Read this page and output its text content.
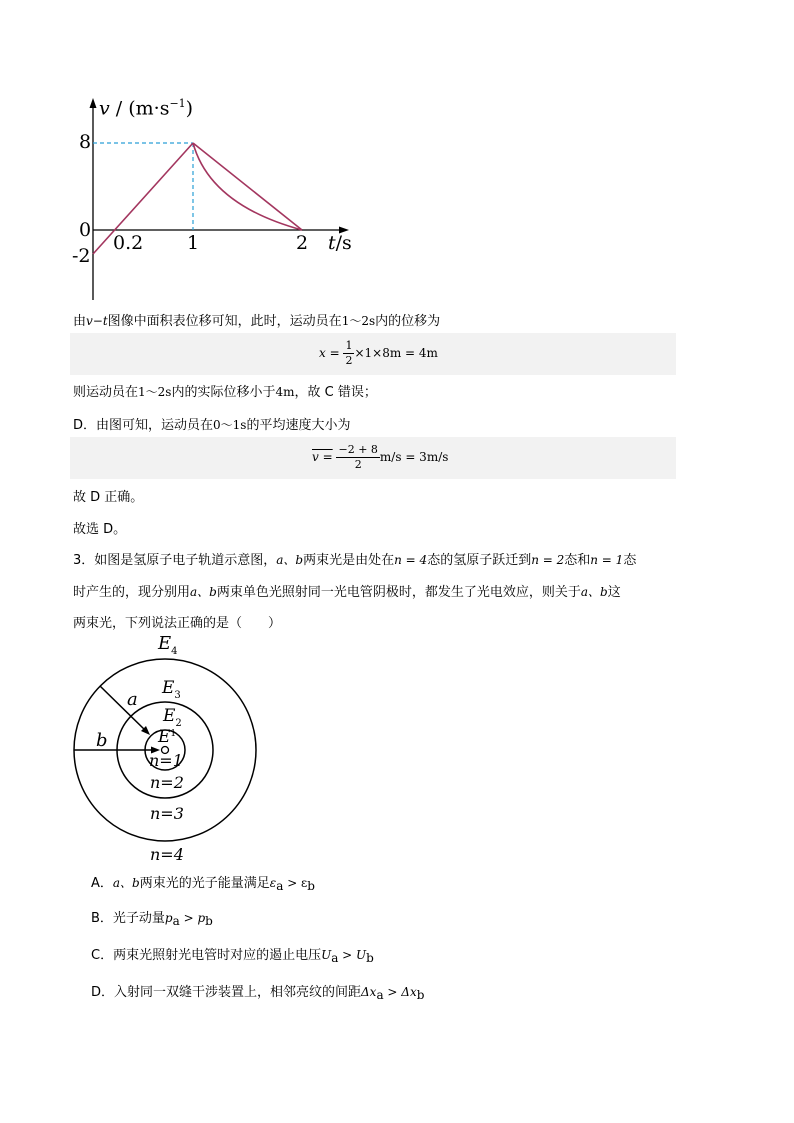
$v / (m\cdot s^{-1})$
8
0
-2
0.2 1	2 t/s
由v−t图像中面积表位移可知，此时，运动员在1～2s内的位移为
$x = \frac{1}{2} \times 1\times 8m = 4m$
则运动员在1～2s内的实际位移小于4m，故 C 错误；
D．由图可知，运动员在0～1s的平均速度大小为
$v = \frac{-2 + 8}{2} m/s = 3m/s$
故 D 正确。
故选 D。
3．如图是氢原子电子轨道示意图，a、b两束光是由处在n = 4态的氢原子跃迁到n = 2态和n = 1态
时产生的，现分别用a、b两束单色光照射同一光电管阴极时，都发生了光电效应，则关于a、b这
两束光，下列说法正确的是（　　）
$E_4$
$E_3$
$E_2$
$E^1$
a
b
n=1
n=2
n=3
n=4
A．a、b两束光的光子能量满足εa > εb
B．光子动量pa > pb
C．两束光照射光电管时对应的遏止电压Ua > Ub
D．入射同一双缝干涉装置上，相邻亮纹的间距Δxa > Δxb
